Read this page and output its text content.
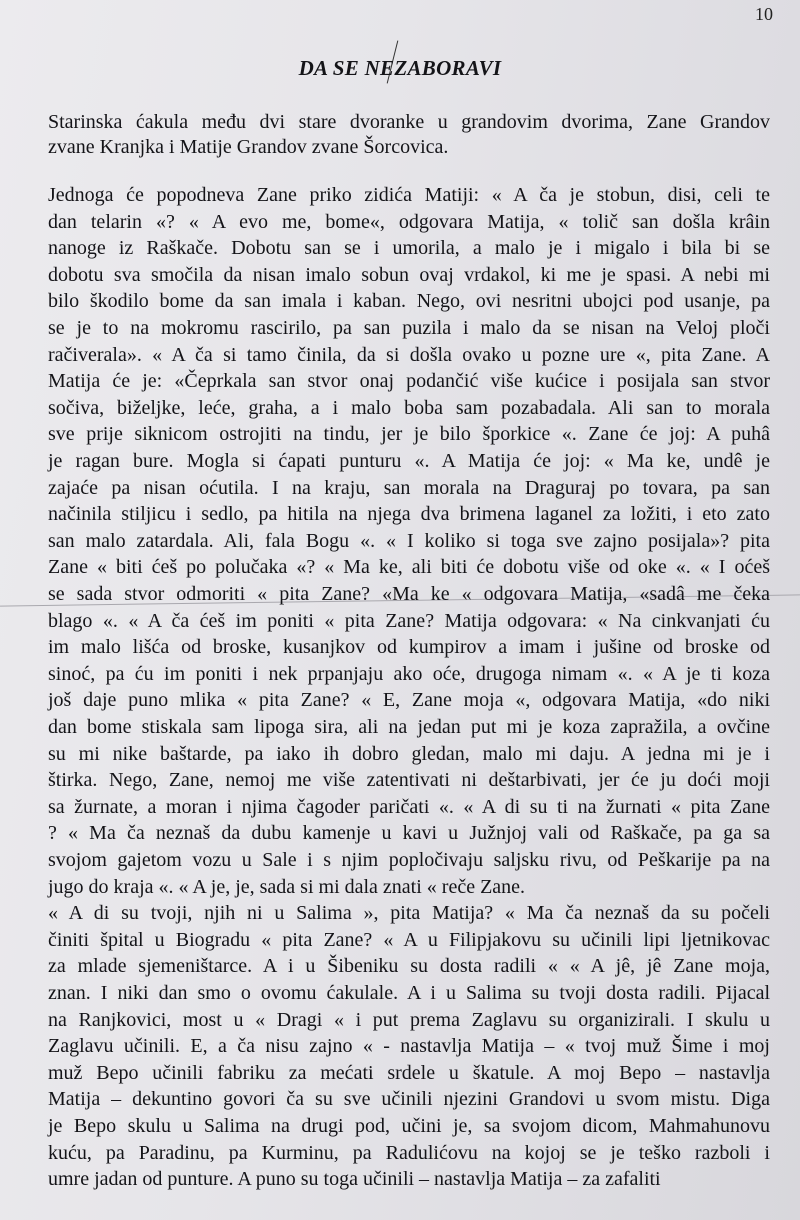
10
DA SE NEZABORAVI
Starinska ćakula među dvi stare dvoranke u grandovim dvorima, Zane Grandov
zvane Kranjka i Matije Grandov zvane Šorcovica.
Jednoga će popodneva Zane priko zidića Matiji: « A ča je stobun, disi, celi te
dan telarin «? « A evo me, bome«, odgovara Matija, « tolič san došla krâin
nanoge iz Raškače. Dobotu san se i umorila, a malo je i migalo i bila bi se
dobotu sva smočila da nisan imalo sobun ovaj vrdakol, ki me je spasi. A nebi mi
bilo škodilo bome da san imala i kaban. Nego, ovi nesritni ubojci pod usanje, pa
se je to na mokromu rascirilo, pa san puzila i malo da se nisan na Veloj ploči
račiverala». « A ča si tamo činila, da si došla ovako u pozne ure «, pita Zane. A
Matija će je: «Čeprkala san stvor onaj podančić više kućice i posijala san stvor
sočiva, biželjke, leće, graha, a i malo boba sam pozabadala. Ali san to morala
sve prije siknicom ostrojiti na tindu, jer je bilo šporkice «. Zane će joj: A puhâ
je ragan bure. Mogla si ćapati punturu «. A Matija će joj: « Ma ke, undê je
zajaće pa nisan oćutila. I na kraju, san morala na Draguraj po tovara, pa san
načinila stiljicu i sedlo, pa hitila na njega dva brimena laganel za ložiti, i eto zato
san malo zatardala. Ali, fala Bogu «. « I koliko si toga sve zajno posijala»? pita
Zane « biti ćeš po polučaka «? « Ma ke, ali biti će dobotu više od oke «. « I oćeš
se sada stvor odmoriti « pita Zane? «Ma ke « odgovara Matija, «sadâ me čeka
blago «. « A ča ćeš im poniti « pita Zane? Matija odgovara: « Na cinkvanjati ću
im malo lišća od broske, kusanjkov od kumpirov a imam i jušine od broske od
sinoć, pa ću im poniti i nek prpanjaju ako oće, drugoga nimam «. « A je ti koza
još daje puno mlika « pita Zane? « E, Zane moja «, odgovara Matija, «do niki
dan bome stiskala sam lipoga sira, ali na jedan put mi je koza zapražila, a ovčine
su mi nike baštarde, pa iako ih dobro gledan, malo mi daju. A jedna mi je i
štirka. Nego, Zane, nemoj me više zatentivati ni deštarbivati, jer će ju doći moji
sa žurnate, a moran i njima čagoder paričati «. « A di su ti na žurnati « pita Zane
? « Ma ča neznaš da dubu kamenje u kavi u Južnjoj vali od Raškače, pa ga sa
svojom gajetom vozu u Sale i s njim popločivaju saljsku rivu, od Peškarije pa na
jugo do kraja «. « A je, je, sada si mi dala znati « reče Zane.
« A di su tvoji, njih ni u Salima », pita Matija? « Ma ča neznaš da su počeli
činiti špital u Biogradu « pita Zane? « A u Filipjakovu su učinili lipi ljetnikovac
za mlade sjemeništarce. A i u Šibeniku su dosta radili « « A jê, jê Zane moja,
znan. I niki dan smo o ovomu ćakulale. A i u Salima su tvoji dosta radili. Pijacal
na Ranjkovici, most u « Dragi « i put prema Zaglavu su organizirali. I skulu u
Zaglavu učinili. E, a ča nisu zajno « - nastavlja Matija – « tvoj muž Šime i moj
muž Bepo učinili fabriku za mećati srdele u škatule. A moj Bepo – nastavlja
Matija – dekuntino govori ča su sve učinili njezini Grandovi u svom mistu. Diga
je Bepo skulu u Salima na drugi pod, učini je, sa svojom dicom, Mahmahunovu
kuću, pa Paradinu, pa Kurminu, pa Radulićovu na kojoj se je teško razboli i
umre jadan od punture. A puno su toga učinili – nastavlja Matija – za zafaliti
